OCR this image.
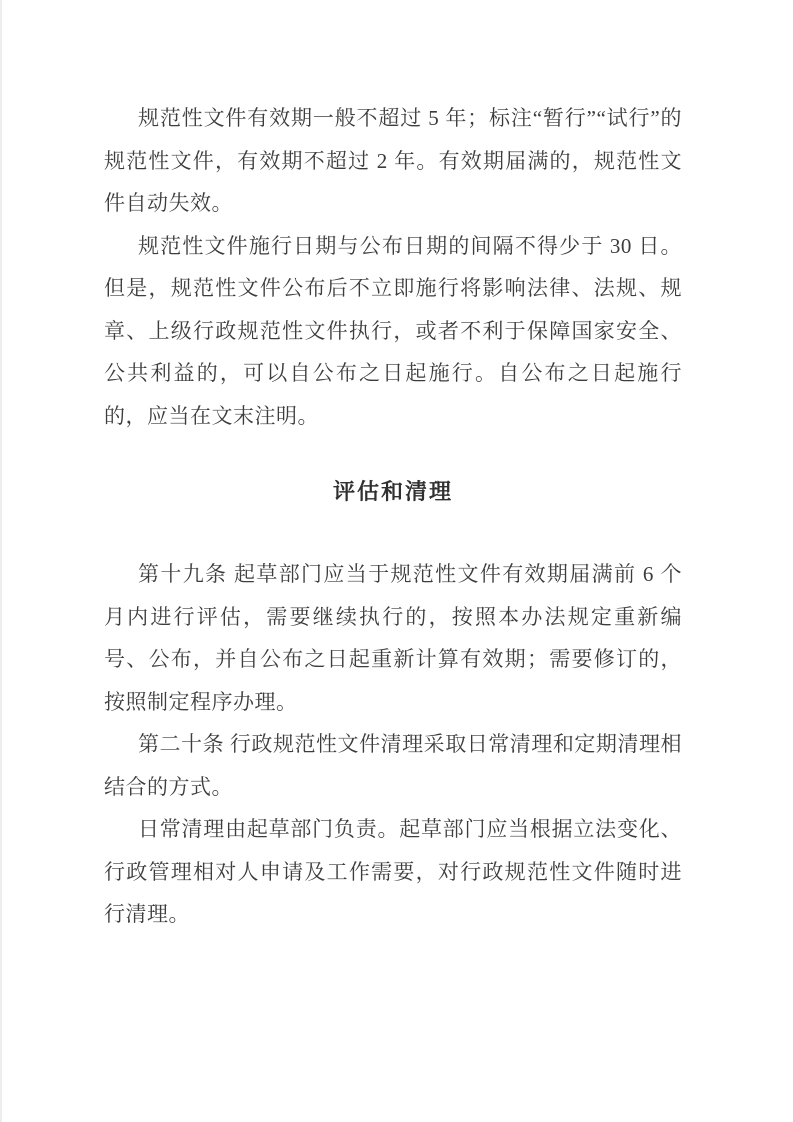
规范性文件有效期一般不超过 5 年；标注“暂行”“试行”的规范性文件，有效期不超过 2 年。有效期届满的，规范性文件自动失效。

规范性文件施行日期与公布日期的间隔不得少于 30 日。但是，规范性文件公布后不立即施行将影响法律、法规、规章、上级行政规范性文件执行，或者不利于保障国家安全、公共利益的，可以自公布之日起施行。自公布之日起施行的，应当在文末注明。

评估和清理

第十九条 起草部门应当于规范性文件有效期届满前 6 个月内进行评估，需要继续执行的，按照本办法规定重新编号、公布，并自公布之日起重新计算有效期；需要修订的，按照制定程序办理。

第二十条 行政规范性文件清理采取日常清理和定期清理相结合的方式。

日常清理由起草部门负责。起草部门应当根据立法变化、行政管理相对人申请及工作需要，对行政规范性文件随时进行清理。
